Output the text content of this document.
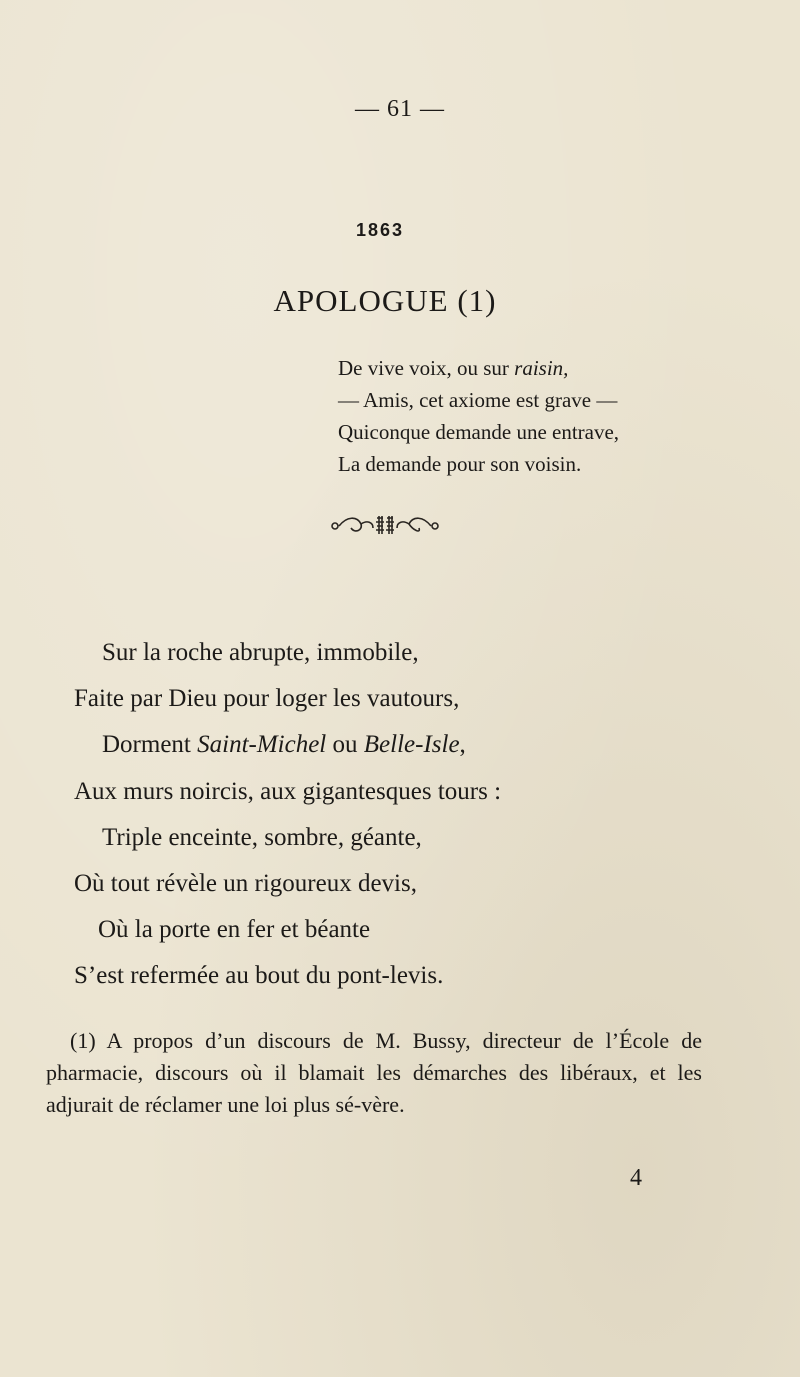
— 61 —
1863
APOLOGUE (1)
De vive voix, ou sur raisin,
— Amis, cet axiome est grave —
Quiconque demande une entrave,
La demande pour son voisin.
Sur la roche abrupte, immobile,
Faite par Dieu pour loger les vautours,
Dorment Saint-Michel ou Belle-Isle,
Aux murs noircis, aux gigantesques tours :
Triple enceinte, sombre, géante,
Où tout révèle un rigoureux devis,
Où la porte en fer et béante
S’est refermée au bout du pont-levis.

(1) A propos d’un discours de M. Bussy, directeur de l’École de pharmacie, discours où il blamait les démarches des libéraux, et les adjurait de réclamer une loi plus sé-vère.

4
